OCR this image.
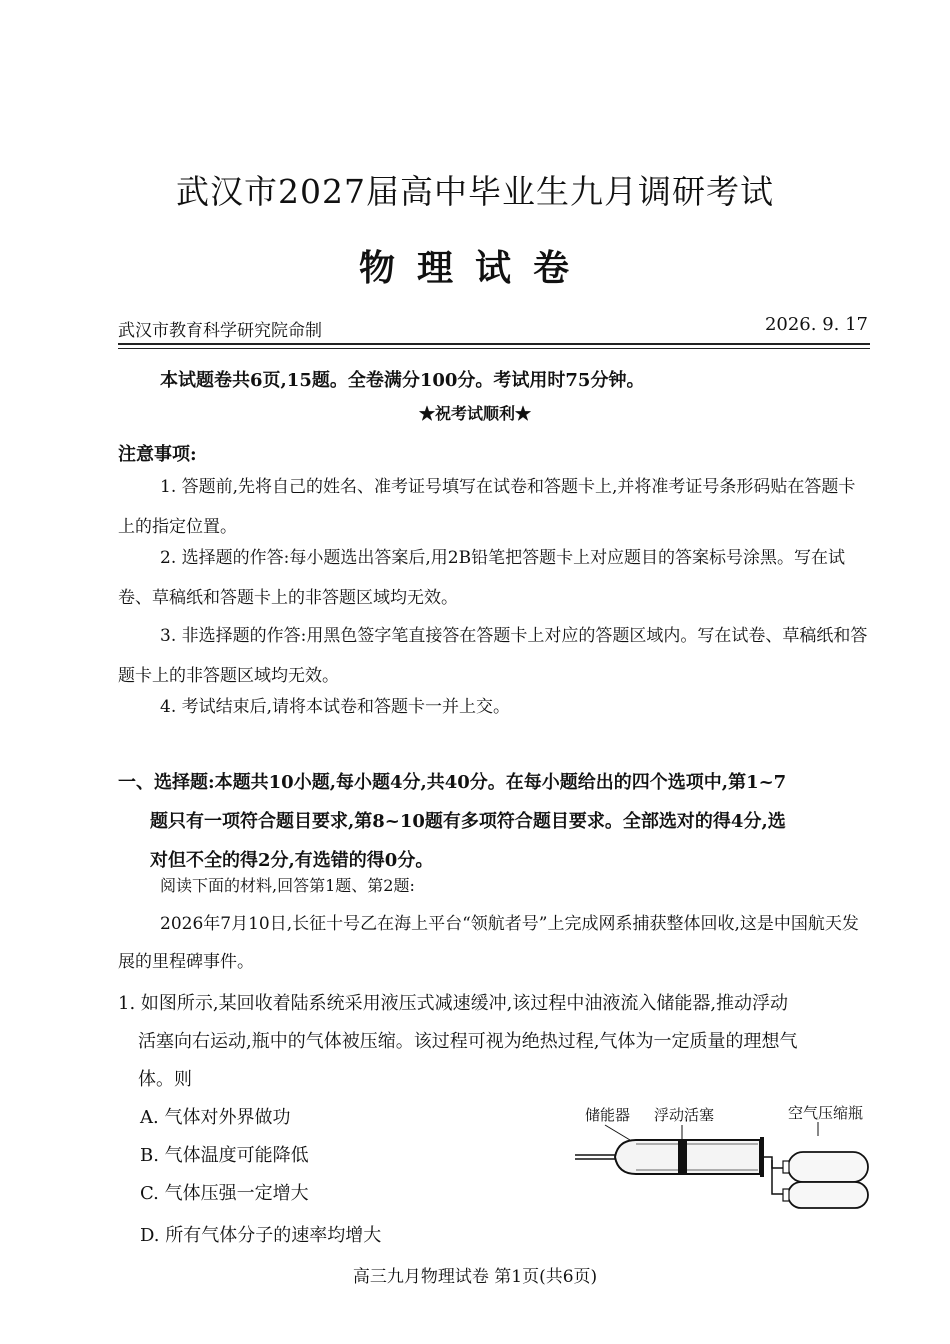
武汉市2027届高中毕业生九月调研考试
物理试卷
武汉市教育科学研究院命制	2026. 9. 17
本试题卷共6页,15题。全卷满分100分。考试用时75分钟。
★祝考试顺利★
注意事项:
1. 答题前,先将自己的姓名、准考证号填写在试卷和答题卡上,并将准考证号条形码贴在答题卡上的指定位置。
2. 选择题的作答:每小题选出答案后,用2B铅笔把答题卡上对应题目的答案标号涂黑。写在试卷、草稿纸和答题卡上的非答题区域均无效。
3. 非选择题的作答:用黑色签字笔直接答在答题卡上对应的答题区域内。写在试卷、草稿纸和答题卡上的非答题区域均无效。
4. 考试结束后,请将本试卷和答题卡一并上交。
一、选择题:本题共10小题,每小题4分,共40分。在每小题给出的四个选项中,第1~7
题只有一项符合题目要求,第8~10题有多项符合题目要求。全部选对的得4分,选
对但不全的得2分,有选错的得0分。
阅读下面的材料,回答第1题、第2题:
2026年7月10日,长征十号乙在海上平台“领航者号”上完成网系捕获整体回收,这是中国航天发展的里程碑事件。
1. 如图所示,某回收着陆系统采用液压式减速缓冲,该过程中油液流入储能器,推动浮动
活塞向右运动,瓶中的气体被压缩。该过程可视为绝热过程,气体为一定质量的理想气
体。则
A. 气体对外界做功
B. 气体温度可能降低
C. 气体压强一定增大
D. 所有气体分子的速率均增大
储能器 浮动活塞	空气压缩瓶
高三九月物理试卷 第1页(共6页)
